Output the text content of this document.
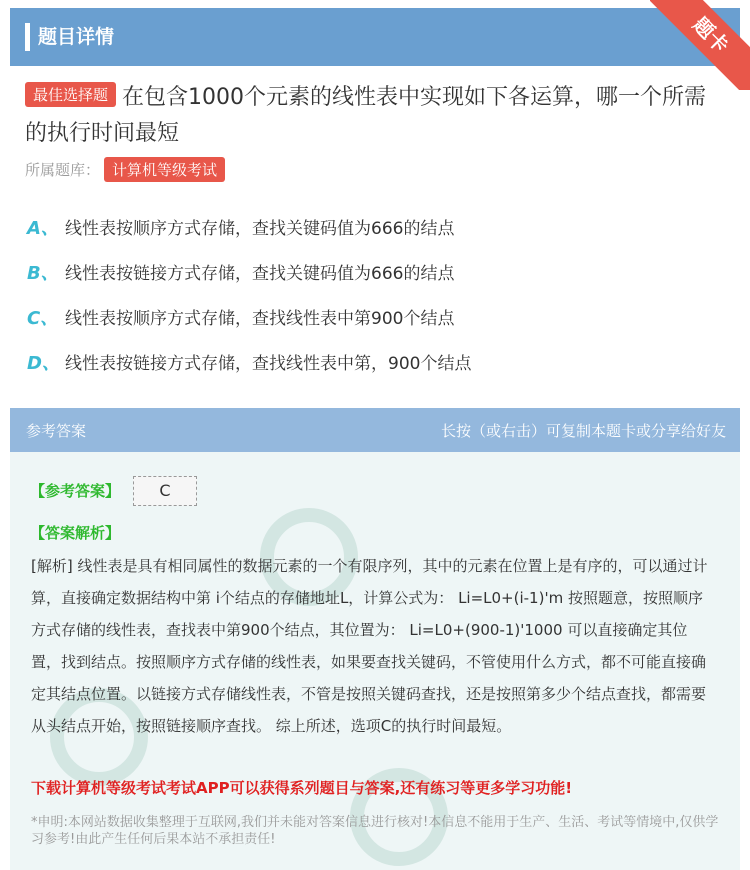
题目详情	题卡
最佳选择题 在包含1000个元素的线性表中实现如下各运算，哪一个所需的执行时间最短
所属题库： 计算机等级考试
A、 线性表按顺序方式存储，查找关键码值为666的结点
B、 线性表按链接方式存储，查找关键码值为666的结点
C、 线性表按顺序方式存储，查找线性表中第900个结点
D、 线性表按链接方式存储，查找线性表中第，900个结点
参考答案	长按（或右击）可复制本题卡或分享给好友
【参考答案】	C
【答案解析】
[解析] 线性表是具有相同属性的数据元素的一个有限序列，其中的元素在位置上是有序的，可以通过计算，直接确定数据结构中第 i个结点的存储地址L，计算公式为： Li=L0+(i-1)'m 按照题意，按照顺序方式存储的线性表，查找表中第900个结点，其位置为： Li=L0+(900-1)'1000 可以直接确定其位置，找到结点。按照顺序方式存储的线性表，如果要查找关键码，不管使用什么方式，都不可能直接确定其结点位置。以链接方式存储线性表，不管是按照关键码查找，还是按照第多少个结点查找，都需要从头结点开始，按照链接顺序查找。 综上所述，选项C的执行时间最短。
下载计算机等级考试考试APP可以获得系列题目与答案,还有练习等更多学习功能!
*申明:本网站数据收集整理于互联网,我们并未能对答案信息进行核对!本信息不能用于生产、生活、考试等情境中,仅供学习参考!由此产生任何后果本站不承担责任!
